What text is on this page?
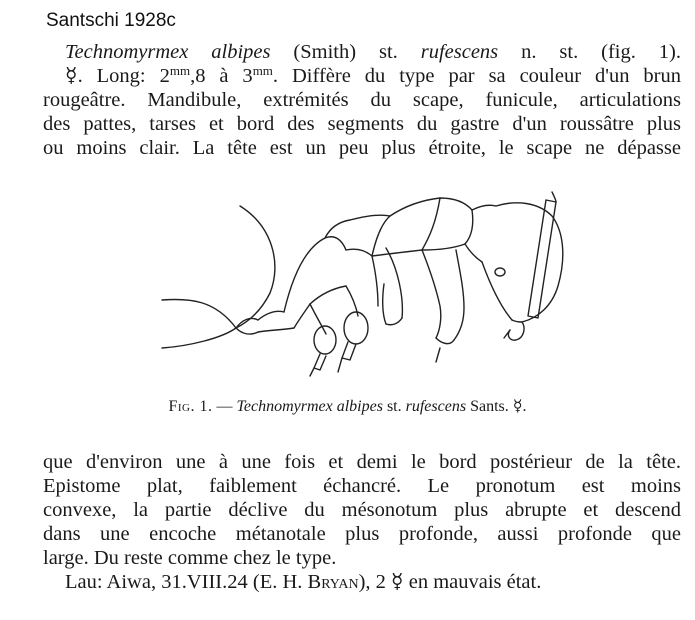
Santschi 1928c
Technomyrmex albipes (Smith) st. rufescens n. st. (fig. 1).
☿. Long: $2^{mm},8$ à $3^{mm}$. Diffère du type par sa couleur d'un brun
rougeâtre. Mandibule, extrémités du scape, funicule, articulations
des pattes, tarses et bord des segments du gastre d'un roussâtre plus
ou moins clair. La tête est un peu plus étroite, le scape ne dépasse
Fig. 1. — Technomyrmex albipes st. rufescens Sants. ☿.
que d'environ une à une fois et demi le bord postérieur de la tête.
Epistome plat, faiblement échancré. Le pronotum est moins
convexe, la partie déclive du mésonotum plus abrupte et descend
dans une encoche métanotale plus profonde, aussi profonde que
large. Du reste comme chez le type.
Lau: Aiwa, 31.VIII.24 (E. H. Bryan), 2 ☿ en mauvais état.
